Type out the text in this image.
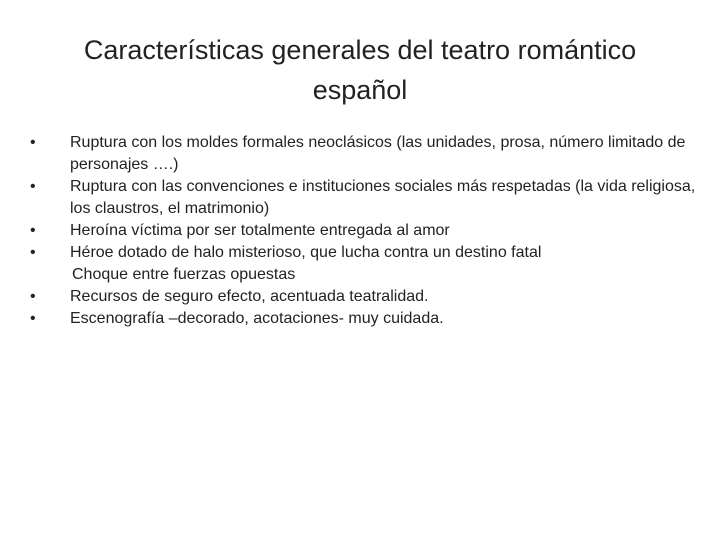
Características generales del teatro romántico
español
•	Ruptura con los moldes formales neoclásicos (las unidades, prosa, número limitado de personajes ….)
•	Ruptura con las convenciones e instituciones sociales más respetadas (la vida religiosa, los claustros, el matrimonio)
•	Heroína víctima por ser totalmente entregada al amor
•	Héroe dotado de halo misterioso, que lucha contra un destino fatal
Choque entre fuerzas opuestas
•	Recursos de seguro efecto, acentuada teatralidad.
•	Escenografía –decorado, acotaciones- muy cuidada.
